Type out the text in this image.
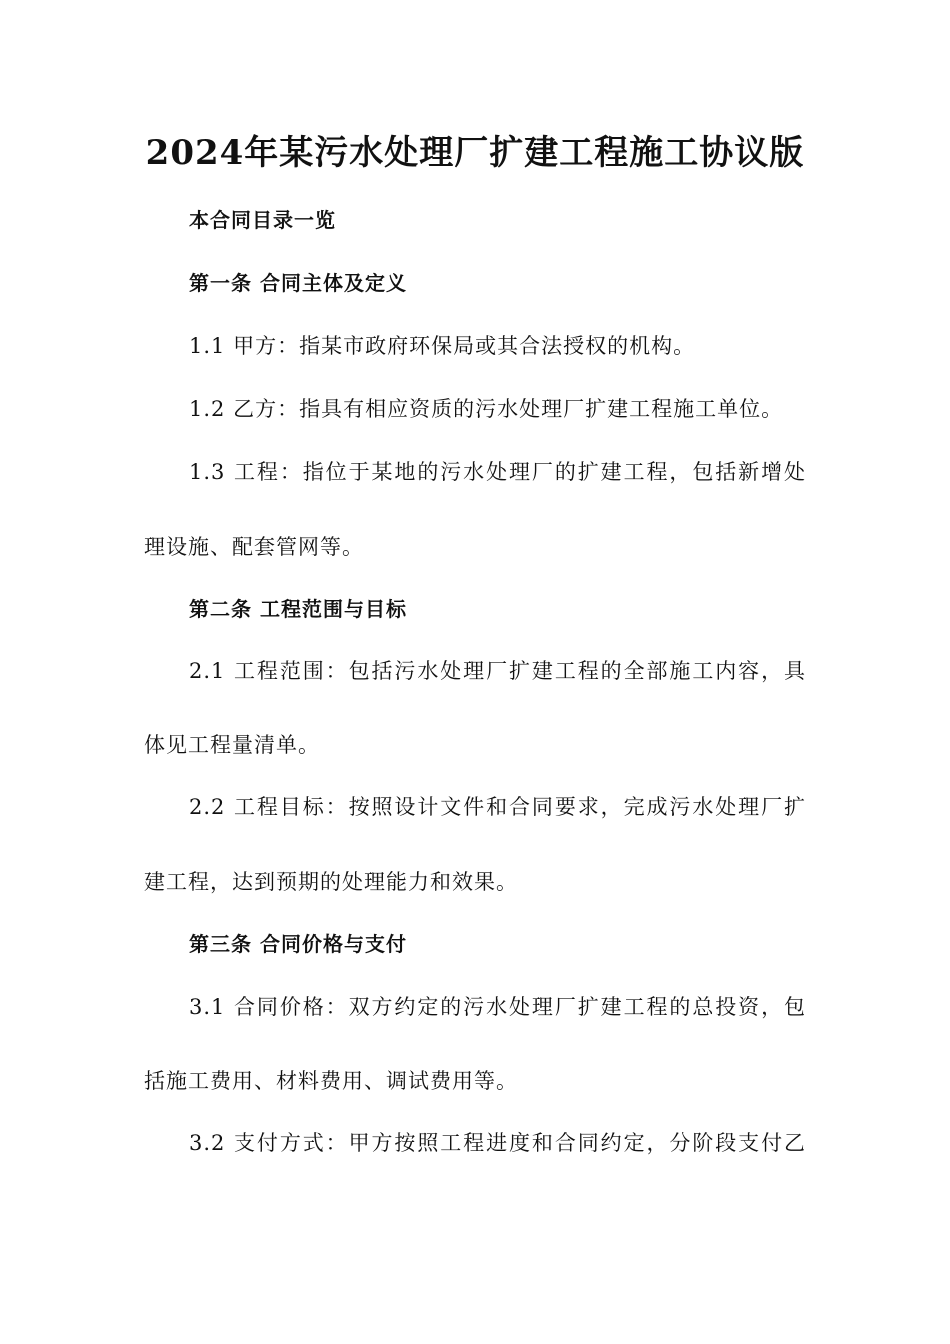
2024年某污水处理厂扩建工程施工协议版
本合同目录一览
第一条 合同主体及定义
1.1 甲方：指某市政府环保局或其合法授权的机构。
1.2 乙方：指具有相应资质的污水处理厂扩建工程施工单位。
1.3 工程：指位于某地的污水处理厂的扩建工程，包括新增处
理设施、配套管网等。
第二条 工程范围与目标
2.1 工程范围：包括污水处理厂扩建工程的全部施工内容，具
体见工程量清单。
2.2 工程目标：按照设计文件和合同要求，完成污水处理厂扩
建工程，达到预期的处理能力和效果。
第三条 合同价格与支付
3.1 合同价格：双方约定的污水处理厂扩建工程的总投资，包
括施工费用、材料费用、调试费用等。
3.2 支付方式：甲方按照工程进度和合同约定，分阶段支付乙
